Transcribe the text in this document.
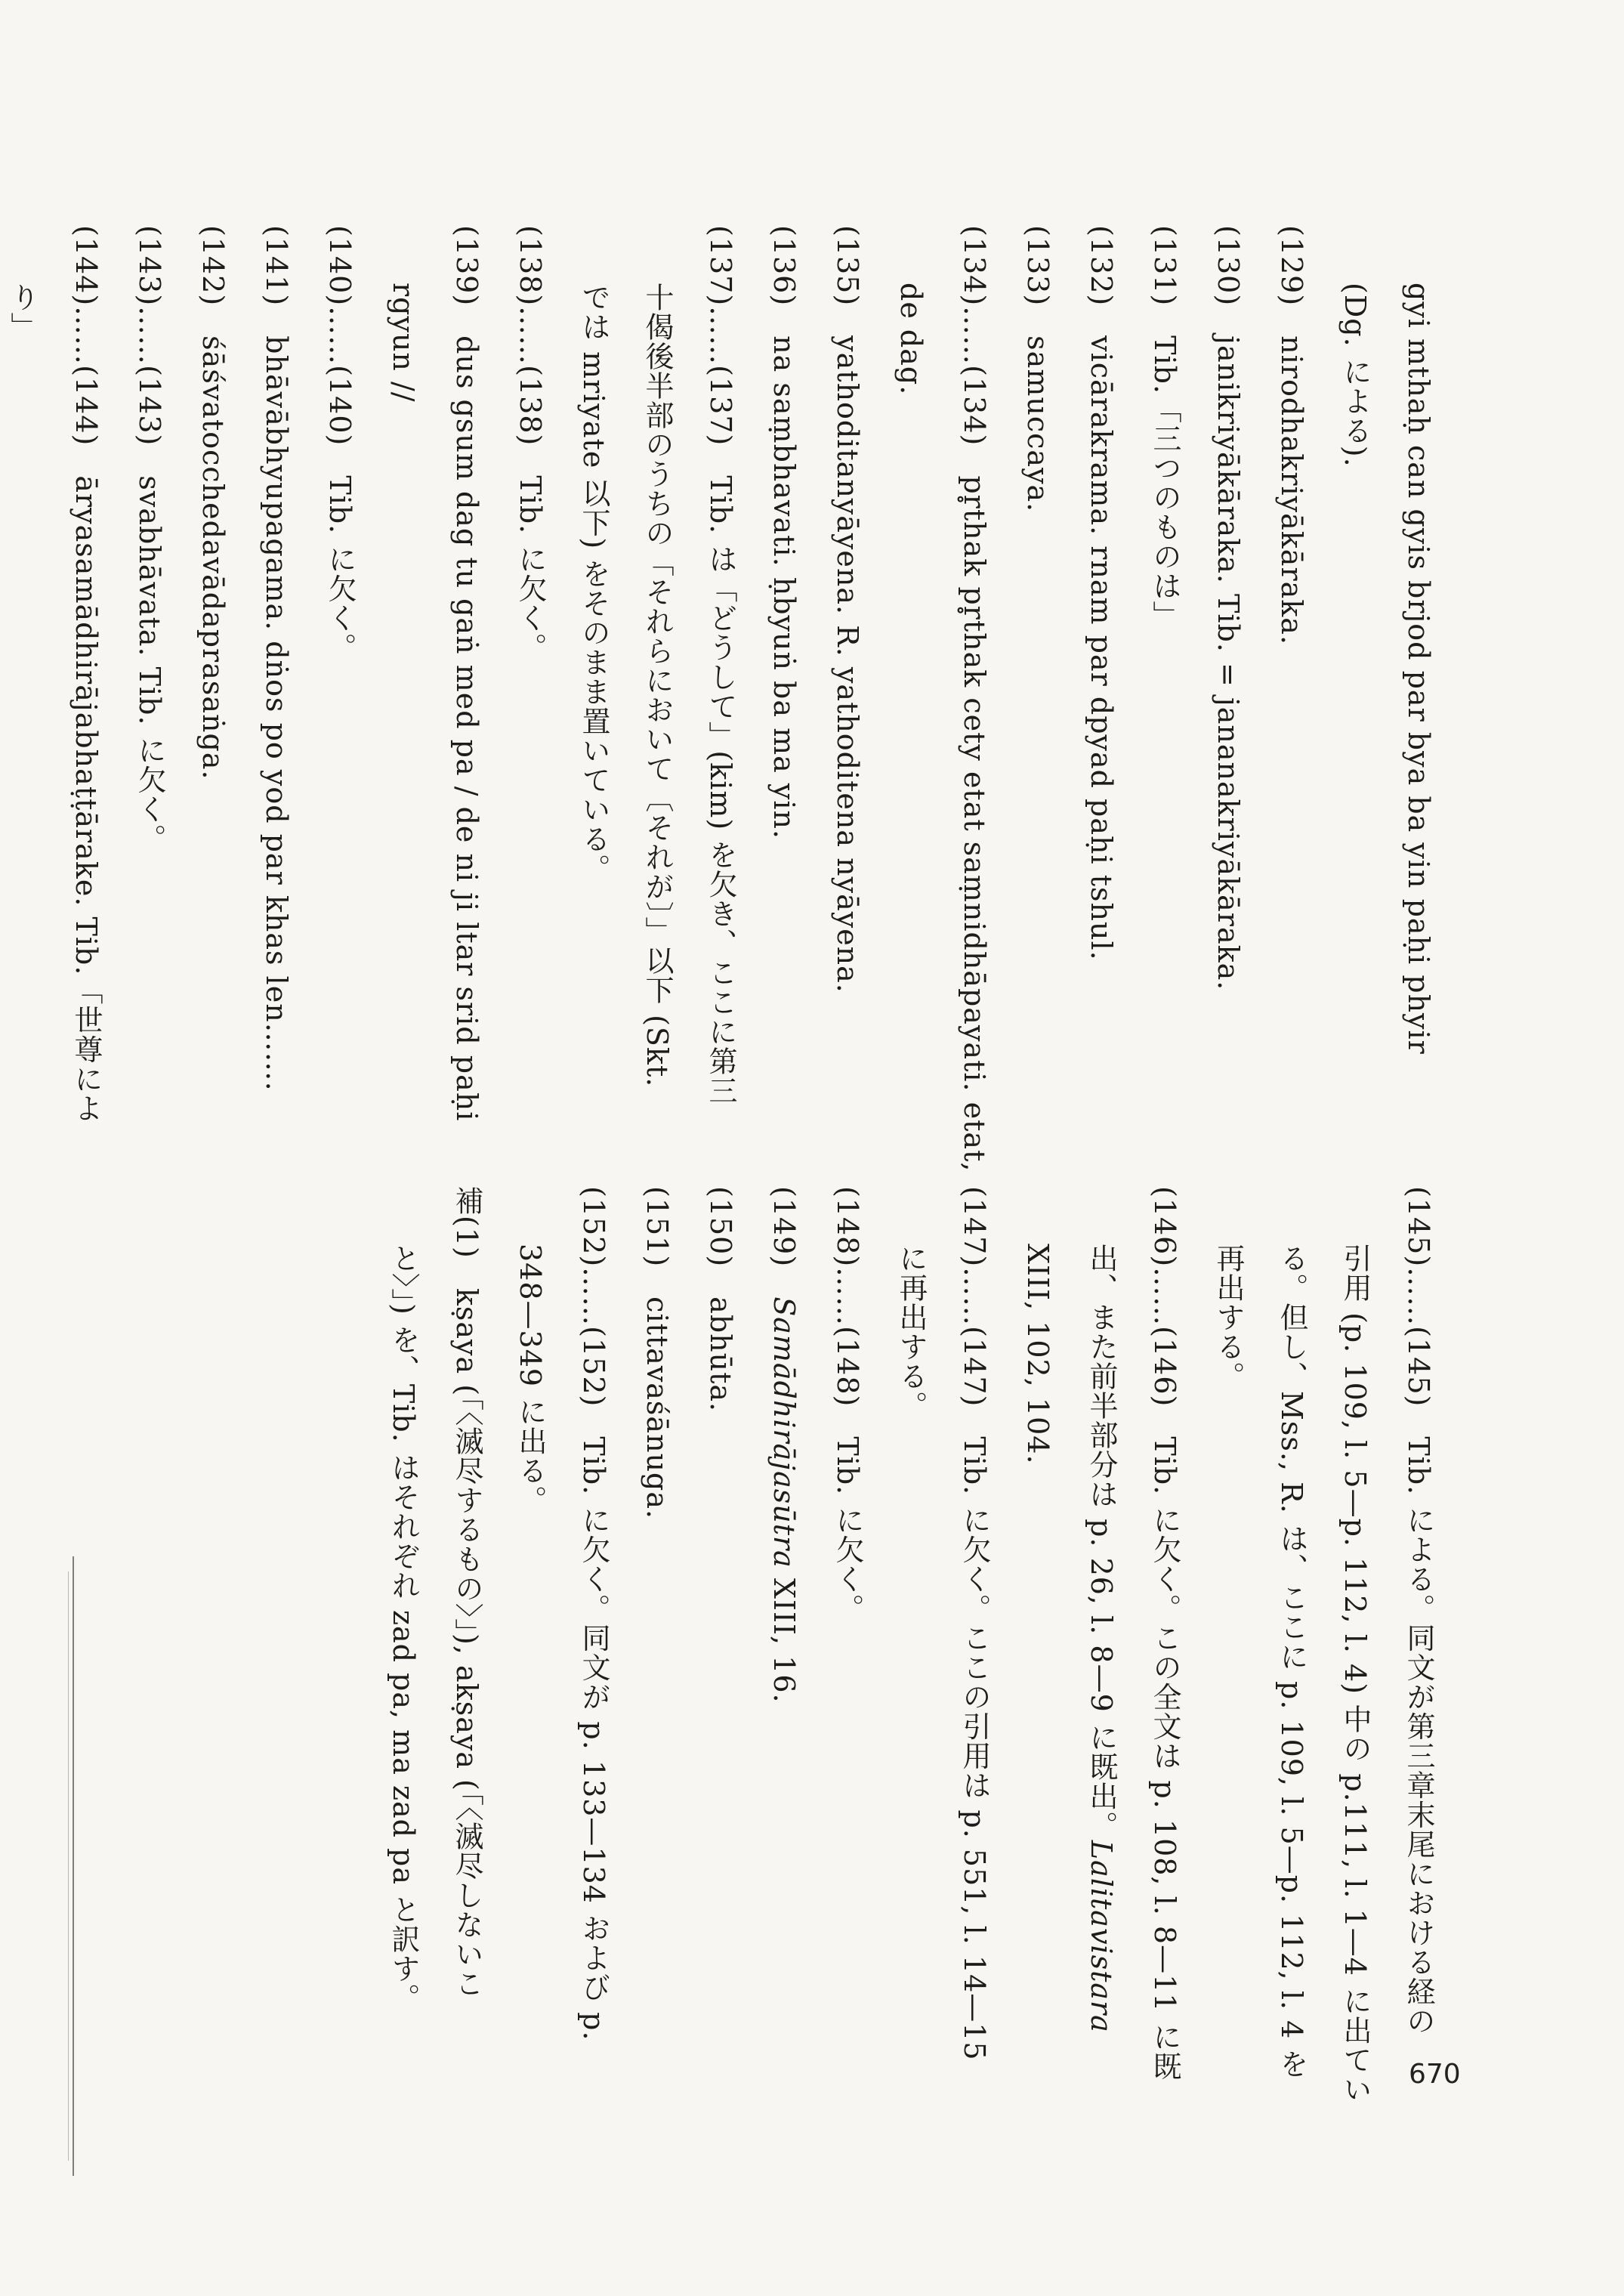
gyi mthaḥ can gyis brjod par bya ba yin paḥi phyir
(Dg. による).
(129)　nirodhakriyākāraka.
(130)　janikriyākāraka. Tib. = jananakriyākāraka.
(131)　Tib.「三つのものは」
(132)　vicārakrama. rnam par dpyad paḥi tshul.
(133)　samuccaya.
(134)……(134)　pr̥thak pr̥thak cety etat saṃnidhāpayati. etat,
de dag.
(135)　yathoditanyāyena. R. yathoditena nyāyena.
(136)　na saṃbhavati. ḥbyuṅ ba ma yin.
(137)……(137)　Tib. は「どうして」(kim) を欠き、ここに第三
十偈後半部のうちの「それらにおいて〔それが〕」以下 (Skt.
では mriyate 以下) をそのまま置いている。
(138)……(138)　Tib. に欠く。
(139)　dus gsum dag tu gaṅ med pa / de ni ji ltar srid paḥi
rgyun //
(140)……(140)　Tib. に欠く。
(141)　bhāvābhyupagama. dṅos po yod par khas len…….
(142)　śāśvatocchedavādaprasaṅga.
(143)……(143)　svabhāvata. Tib. に欠く。
(144)……(144)　āryasamādhirājabhaṭṭārake. Tib.「世尊によ
り」
(145)……(145)　Tib. による。同文が第三章末尾における経の
引用 (p. 109, l. 5—p. 112, l. 4) 中の p.111, l. 1—4 に出てい
る。但し、Mss., R. は、ここに p. 109, l. 5—p. 112, l. 4 を
再出する。
(146)……(146)　Tib. に欠く。この全文は p. 108, l. 8—11 に既
出、また前半部分は p. 26, l. 8—9 に既出。Lalitavistara
XIII, 102, 104.
(147)……(147)　Tib. に欠く。ここの引用は p. 551, l. 14—15
に再出する。
(148)……(148)　Tib. に欠く。
(149)　Samādhirājasūtra XIII, 16.
(150)　abhūta.
(151)　cittavaśānuga.
(152)……(152)　Tib. に欠く。同文が p. 133—134 および p.
348—349 に出る。
補(1)　kṣaya (「〈滅尽するもの〉」), akṣaya (「〈滅尽しないこ
と〉」) を、Tib. はそれぞれ zad pa, ma zad pa と訳す。
670
